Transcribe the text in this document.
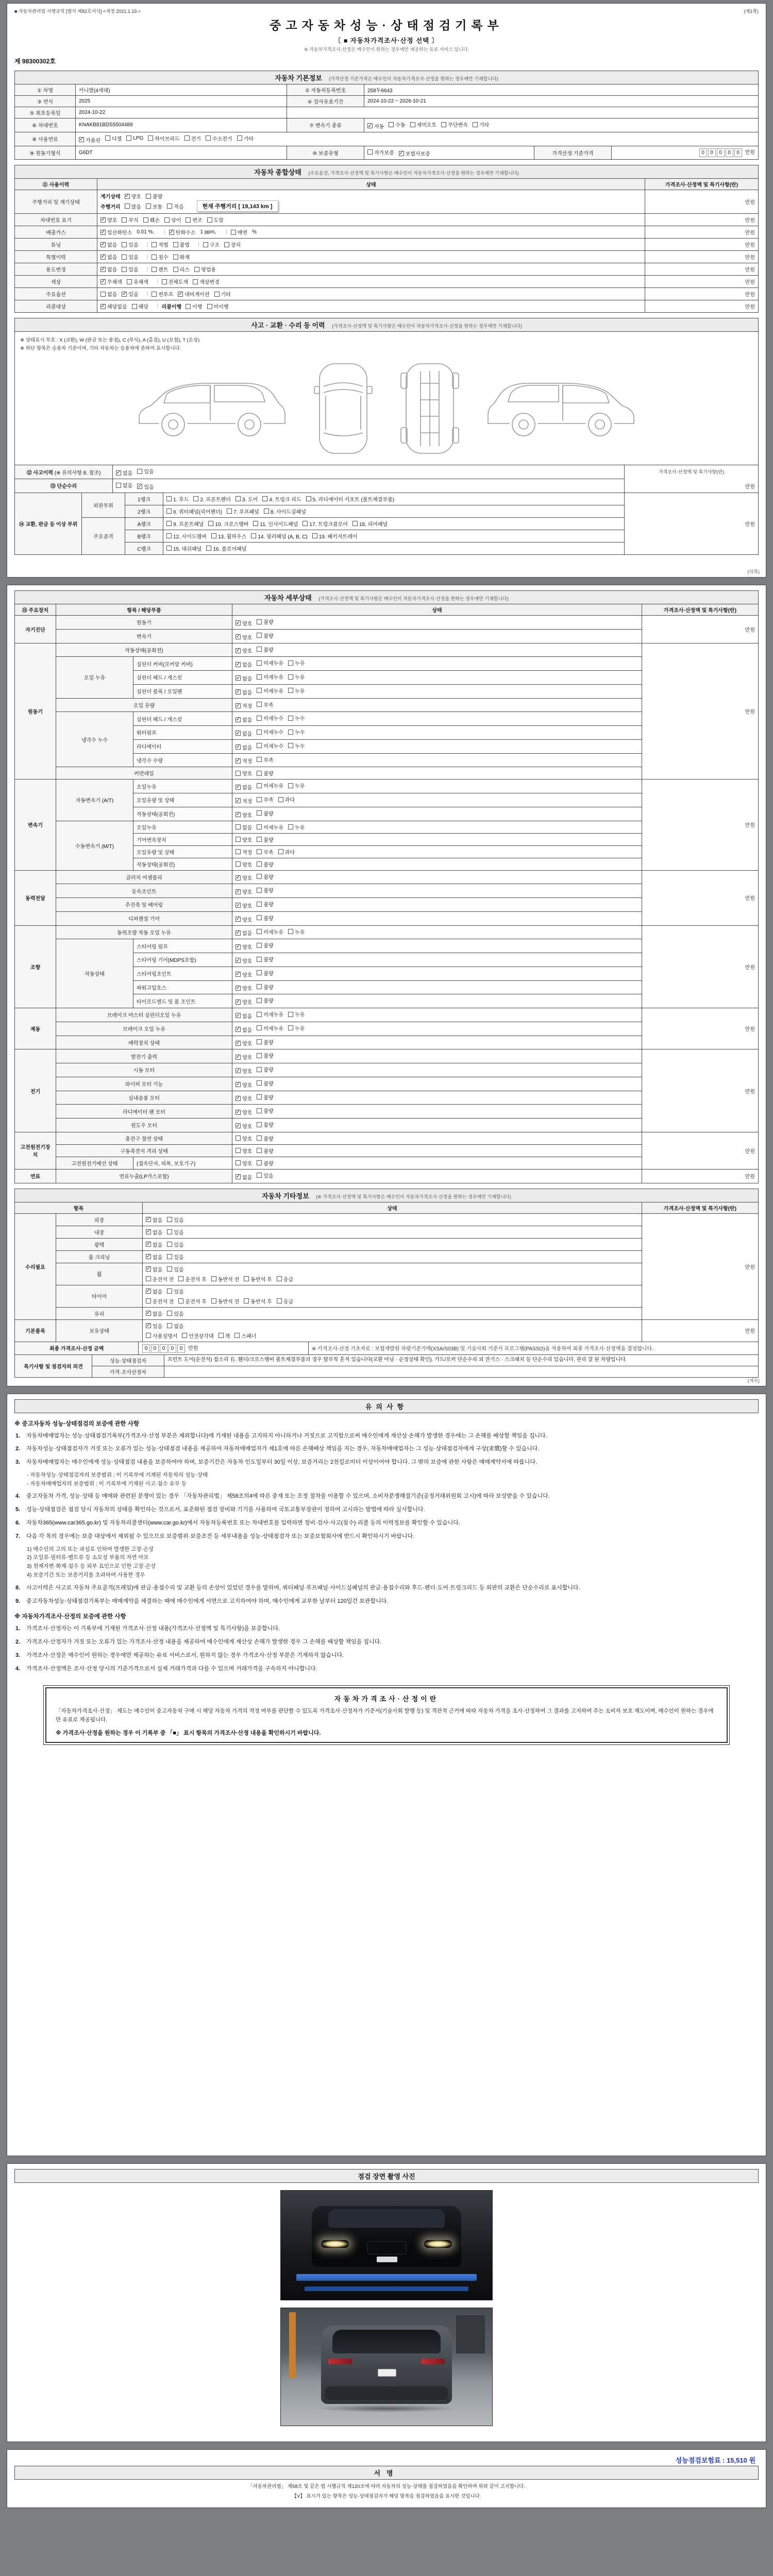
■ 자동차관리법 시행규칙 [별지 제82호서식] <개정 2021.1.19.>	(제1쪽)
중고자동차성능·상태점검기록부
〔 ■ 자동차가격조사·산정 선택 〕
※ 자동차가격조사·산정은 매수인이 원하는 경우에만 제공하는 유료 서비스 입니다.
제 98300302호
자동차 기본정보 (가격산정 기준가격은 매수인이 자동차가격조사·산정을 원하는 경우에만 기재합니다)
① 차명	카니발(4세대)	② 자동차등록번호	258두6643		
③ 연식	2025	④ 검사유효기간	2024-10-22 ~ 2026-10-21		
⑤ 최초등록일	2024-10-22				
⑥ 차대번호	KNAKB81BDS5504489	⑦ 변속기 종류	✓ 자동 수동 세미오토 무단변속 기타

⑧ 사용연료	✓ 가솔린 디젤 LPG 하이브리드 전기 수소전기 기타

⑨ 원동기형식	G6DT	⑩ 보증유형	자가보증 ✓ 보험사보증	가격산정 기준가격	0 0 0 0 0 만원
자동차 종합상태 (주요옵션, 가격조사·산정액 및 특기사항은 매수인이 자동차가격조사·산정을 원하는 경우에만 기재합니다)
⑪ 사용이력	상태	가격조사·산정액 및 특기사항(란)
주행거리 및 계기상태	
계기상태 ✓ 양호 불량
주행거리 많음 보통 적음	현재 주행거리 [ 19,143 km ]
	만원
차대번호 표기	✓ 양호 부식 훼손 상이 변조 도말	만원
배출가스	✓ 일산화탄소 0.01 %, | ✓ 탄화수소 1 ppm, | 매연 %	만원
튜닝	✓ 없음 있음 | 적법 불법 | 구조 장치	만원
특별이력	✓ 없음 있음 | 침수 화재	만원
용도변경	✓ 없음 있음 | 렌트 리스 영업용	만원
색상	✓ 무채색 유채색 | 전체도색 색상변경	만원
주요옵션	없음 ✓ 있음 | 썬루프 ✓ 네비게이션 기타	만원
리콜대상	✓ 해당없음 해당 | 리콜이행 이행 미이행	만원
사고 · 교환 · 수리 등 이력 (가격조사·산정액 및 특기사항은 매수인이 자동차가격조사·산정을 원하는 경우에만 기재합니다)
※ 상태표시 부호 : X (교환), W (판금 또는 용접), C (부식), A (흠집), U (요철), T (손상)
※ 하단 항목은 승용차 기준이며, 기타 자동차는 승용차에 준하여 표시합니다.
⑫ 사고이력 (※ 유의사항 8. 참조)	✓ 없음 있음	가격조사·산정액 및 특기사항(란)
만원

⑬ 단순수리	없음 ✓ 있음	
⑭ 교환, 판금 등 이상 부위	외판부위	1랭크	1. 후드 2. 프론트펜더 3. 도어 4. 트렁크 리드 5. 라디에이터 서포트 (볼트체결부품)	만원
		2랭크	6. 쿼터패널(리어펜더) 7. 루프패널 8. 사이드실패널	

	주요골격	A랭크	9. 프론트패널 10. 크로스멤버 11. 인사이드패널 17. 트렁크플로어 18. 리어패널	

		B랭크	12. 사이드멤버 13. 휠하우스 14. 필러패널 (A, B, C) 19. 패키지트레이	

		C랭크	15. 대쉬패널 16. 플로어패널	
(뒤쪽)
자동차 세부상태 (가격조사·산정액 및 특기사항은 매수인이 자동차가격조사·산정을 원하는 경우에만 기재합니다)
⑮ 주요장치	항목 / 해당부품		상태	가격조사·산정액 및 특기사항(란)
자기진단	원동기		✓ 양호 불량	만원
	변속기		✓ 양호 불량	

원동기	작동상태(공회전)		✓ 양호 불량	만원
	오일 누유	실린더 커버(로커암 커버)	✓ 없음 미세누유 누유	

		실린더 헤드 / 개스킷	✓ 없음 미세누유 누유	

		실린더 블록 / 오일팬	✓ 없음 미세누유 누유	

	오일 유량		✓ 적정 부족	

	냉각수 누수	실린더 헤드 / 개스킷	✓ 없음 미세누수 누수	

		워터펌프	✓ 없음 미세누수 누수	

		라디에이터	✓ 없음 미세누수 누수	

		냉각수 수량	✓ 적정 부족	

	커먼레일		양호 불량	

변속기	자동변속기 (A/T)	오일누유	✓ 없음 미세누유 누유	만원
		오일유량 및 상태	✓ 적정 부족 과다	

		작동상태(공회전)	✓ 양호 불량	

	수동변속기 (M/T)	오일누유	없음 미세누유 누유	

		기어변속장치	양호 불량	

		오일유량 및 상태	적정 부족 과다	

		작동상태(공회전)	양호 불량	

동력전달	클러치 어셈블리		✓ 양호 불량	만원
	등속조인트		✓ 양호 불량	

	추진축 및 베어링		✓ 양호 불량	

	디퍼렌셜 기어		✓ 양호 불량	

조향	동력조향 작동 오일 누유		✓ 없음 미세누유 누유	만원
	작동상태	스티어링 펌프	✓ 양호 불량	

		스티어링 기어(MDPS포함)	✓ 양호 불량	

		스티어링조인트	✓ 양호 불량	

		파워고압호스	✓ 양호 불량	

		타이로드엔드 및 볼 조인트	✓ 양호 불량	

제동	브레이크 마스터 실린더오일 누유		✓ 없음 미세누유 누유	만원
	브레이크 오일 누유		✓ 없음 미세누유 누유	

	배력장치 상태		✓ 양호 불량	

전기	발전기 출력		✓ 양호 불량	만원
	시동 모터		✓ 양호 불량	

	와이퍼 모터 기능		✓ 양호 불량	

	실내송풍 모터		✓ 양호 불량	

	라디에이터 팬 모터		✓ 양호 불량	

	윈도우 모터		✓ 양호 불량	

고전원전기장치	충전구 절연 상태		양호 불량	만원
	구동축전지 격리 상태		양호 불량	

	고전원전기배선 상태	(접속단자, 피복, 보호기구)	양호 불량	

연료	연료누출(LP가스포함)		✓ 없음 있음	만원
자동차 기타정보 (※ 가격조사·산정액 및 특기사항은 매수인이 자동차가격조사·산정을 원하는 경우에만 기재합니다)
항목		상태	가격조사·산정액 및 특기사항(란)
수리필요	외장	✓ 없음 있음	만원
	내장	✓ 없음 있음	

	광택	✓ 없음 있음	

	룸 크리닝	✓ 없음 있음	

휠	
✓ 없음 있음
운전석 전 운전석 후 동반석 전 동반석 후 응급

타이어	
✓ 없음 있음
운전석 전 운전석 후 동반석 전 동반석 후 응급

	유리	✓ 없음 있음	

기본품목	보유상태	
✓ 있음 없음
사용설명서 안전삼각대 잭 스패너
	만원
최종 가격조사·산정 금액	0 0 0 0 0 만원	※ 가격조사·산정 기초자료 : 보험개발원 차량기준가액(XSA/S03B) 및 기술사회 기준서 프로그램(PASSO)을 적용하여 최종 가격조사·산정액을 결정합니다.
특기사항 및 점검자의 의견	성능·상태점검자	프런트 도어(운전석) 잡소리 有. 휀더/크로스멤버 볼트체결부품의 경우 탈부착 흔적 있습니다(교환 아님 · 순정상태 확인). 가드/로커 단순수리 외 잔기스 · 스크래치 등 단순수리 있습니다. 관리 잘 된 차량입니다.
	가격·조사산정자	
(계속)
유의사항
※ 중고자동차 성능·상태점검의 보증에 관한 사항
1.	자동차매매업자는 성능·상태점검기록부(가격조사·산정 부분은 제외합니다)에 기재된 내용을 고지하지 아니하거나 거짓으로 고지함으로써 매수인에게 재산상 손해가 발생한 경우에는 그 손해를 배상할 책임을 집니다.
2.	자동차성능·상태점검자가 거짓 또는 오류가 있는 성능·상태점검 내용을 제공하여 자동차매매업자가 제1호에 따른 손해배상 책임을 지는 경우, 자동차매매업자는 그 성능·상태점검자에게 구상(求償)할 수 있습니다.
3.	자동차매매업자는 매수인에게 성능·상태점검 내용을 보증하여야 하며, 보증기간은 자동차 인도일부터 30일 이상, 보증거리는 2천킬로미터 이상이어야 합니다. 그 밖의 보증에 관한 사항은 매매계약서에 따릅니다.
- 자동차성능·상태점검자의 보증범위 : 이 기록부에 기재된 자동차의 성능·상태
- 자동차매매업자의 보증범위 : 이 기록부에 기재된 사고·침수 유무 등
4.	중고자동차 가격, 성능·상태 등 매매와 관련된 분쟁이 있는 경우 「자동차관리법」 제58조의4에 따른 중재 또는 조정 절차를 이용할 수 있으며, 소비자분쟁해결기준(공정거래위원회 고시)에 따라 보상받을 수 있습니다.
5.	성능·상태점검은 점검 당시 자동차의 상태를 확인하는 것으로서, 표준화된 점검 장비와 기기를 사용하여 국토교통부장관이 정하여 고시하는 방법에 따라 실시합니다.
6.	자동차365(www.car365.go.kr) 및 자동차리콜센터(www.car.go.kr)에서 자동차등록번호 또는 차대번호를 입력하면 정비·검사·사고(침수)·리콜 등의 이력정보를 확인할 수 있습니다.
7.	다음 각 목의 경우에는 보증 대상에서 제외될 수 있으므로 보증범위·보증조건 등 세부내용을 성능·상태점검자 또는 보증보험회사에 반드시 확인하시기 바랍니다.
1) 매수인의 고의 또는 과실로 인하여 발생한 고장·손상
2) 오일류·필터류·벨트류 등 소모성 부품의 자연 마모
3) 천재지변·화재·침수 등 외부 요인으로 인한 고장·손상
4) 보증기간 또는 보증거리를 초과하여 사용한 경우
8.	사고이력은 사고로 자동차 주요골격(프레임)에 판금·용접수리 및 교환 등의 손상이 있었던 경우를 말하며, 쿼터패널·루프패널·사이드실패널의 판금·용접수리와 후드·펜더·도어·트렁크리드 등 외판의 교환은 단순수리로 표시합니다.
9.	중고자동차성능·상태점검기록부는 매매계약을 체결하는 때에 매수인에게 서면으로 고지하여야 하며, 매수인에게 교부한 날부터 120일간 보관합니다.
※ 자동차가격조사·산정의 보증에 관한 사항
1.	가격조사·산정자는 이 기록부에 기재된 가격조사·산정 내용(가격조사·산정액 및 특기사항)을 보증합니다.
2.	가격조사·산정자가 거짓 또는 오류가 있는 가격조사·산정 내용을 제공하여 매수인에게 재산상 손해가 발생한 경우 그 손해를 배상할 책임을 집니다.
3.	가격조사·산정은 매수인이 원하는 경우에만 제공하는 유료 서비스로서, 원하지 않는 경우 가격조사·산정 부분은 기재하지 않습니다.
4.	가격조사·산정액은 조사·산정 당시의 기준가격으로서 실제 거래가격과 다를 수 있으며 거래가격을 구속하지 아니합니다.
자동차가격조사·산정이란
「자동차가격조사·산정」 제도는 매수인이 중고자동차 구매 시 해당 자동차 가격의 적정 여부를 판단할 수 있도록 가격조사·산정자가 기준서(기술사회 발행 등) 및 객관적 근거에 따라 자동차 가격을 조사·산정하여 그 결과를 고지하여 주는 소비자 보호 제도이며, 매수인이 원하는 경우에만 유료로 제공됩니다.
※ 가격조사·산정을 원하는 경우 이 기록부 중 「■」 표시 항목의 가격조사·산정 내용을 확인하시기 바랍니다.
점검 장면 촬영 사진
성능점검보험료 : 15,510 원
서명
「자동차관리법」 제58조 및 같은 법 시행규칙 제120조에 따라 자동차의 성능·상태를 점검하였음을 확인하며 위와 같이 고지합니다.
【V】 표시가 있는 항목은 성능·상태점검자가 해당 항목을 점검하였음을 표시한 것입니다.
